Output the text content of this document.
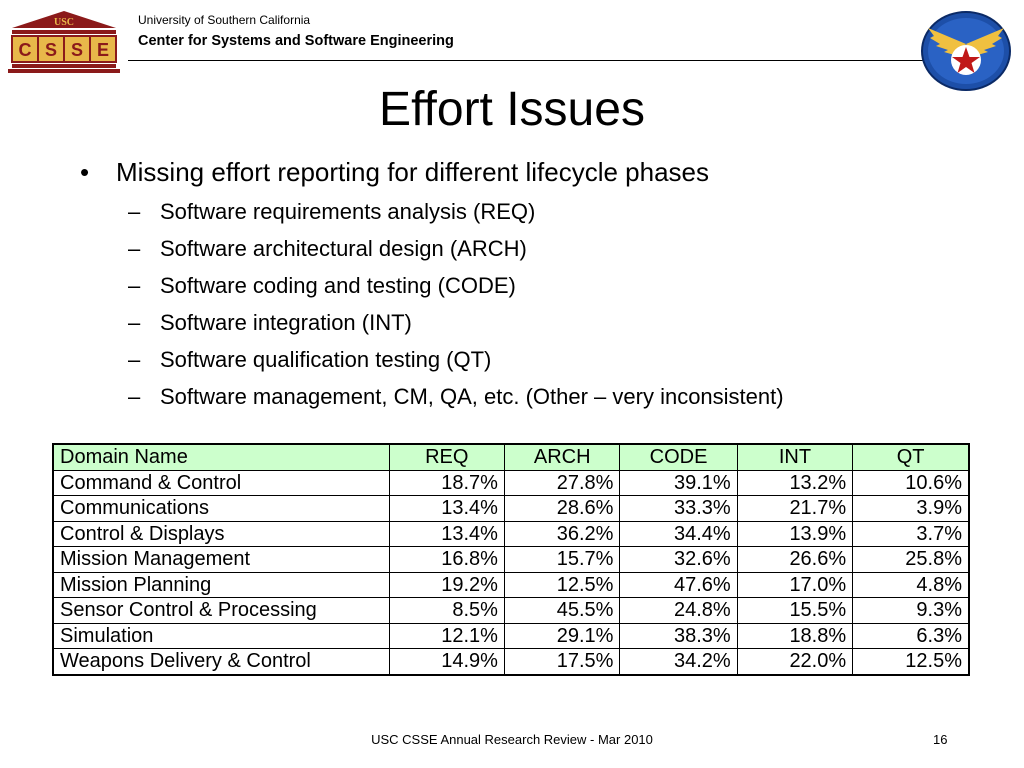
USC
C S S E
University of Southern California
Center for Systems and Software Engineering
Effort Issues
• Missing effort reporting for different lifecycle phases
– Software requirements analysis (REQ)
– Software architectural design (ARCH)
– Software coding and testing (CODE)
– Software integration (INT)
– Software qualification testing (QT)
– Software management, CM, QA, etc. (Other – very inconsistent)
Domain Name	REQ	ARCH	CODE	INT	QT
Command & Control	18.7%	27.8%	39.1%	13.2%	10.6%
Communications	13.4%	28.6%	33.3%	21.7%	3.9%
Control & Displays	13.4%	36.2%	34.4%	13.9%	3.7%
Mission Management	16.8%	15.7%	32.6%	26.6%	25.8%
Mission Planning	19.2%	12.5%	47.6%	17.0%	4.8%
Sensor Control & Processing	8.5%	45.5%	24.8%	15.5%	9.3%
Simulation	12.1%	29.1%	38.3%	18.8%	6.3%
Weapons Delivery & Control	14.9%	17.5%	34.2%	22.0%	12.5%
USC CSSE Annual Research Review - Mar 2010	16
